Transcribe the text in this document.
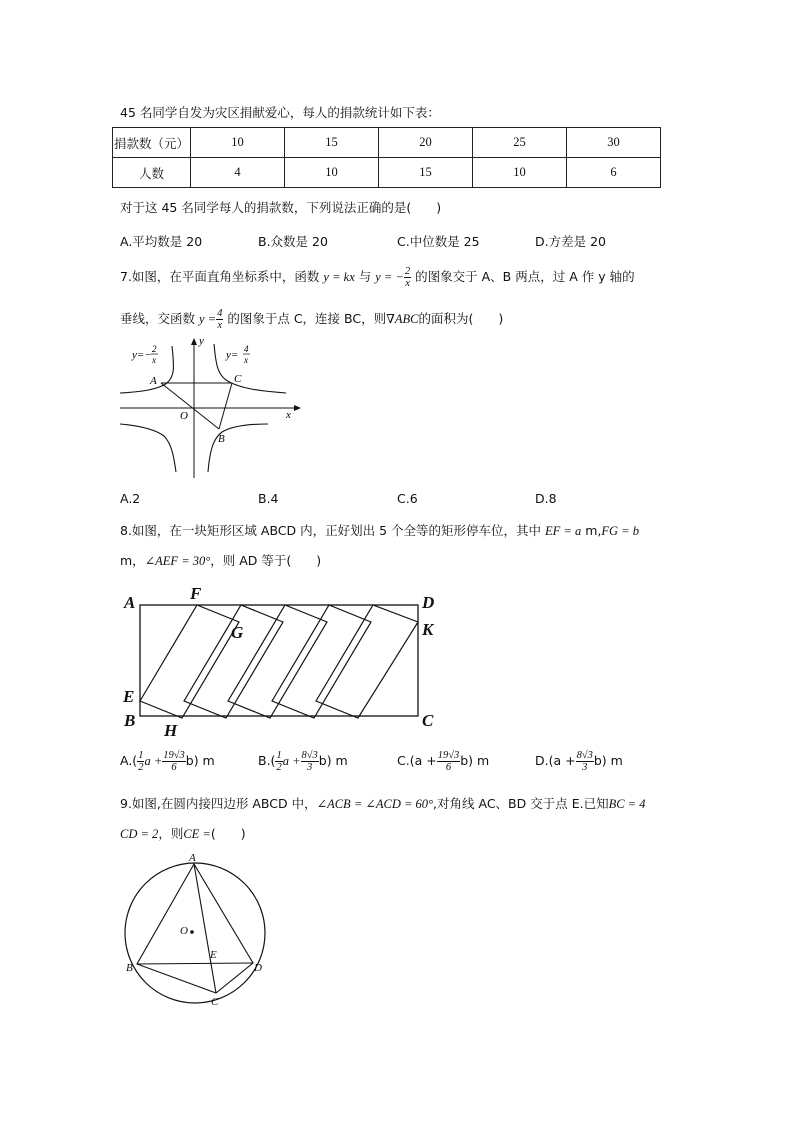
45 名同学自发为灾区捐献爱心，每人的捐款统计如下表：
捐款数（元）	10	15	20	25	30
人数	4	10	15	10	6
对于这 45 名同学每人的捐款数，下列说法正确的是(　　)
A.平均数是 20	B.众数是 20	C.中位数是 25	D.方差是 20
7.如图，在平面直角坐标系中，函数 y = kx 与 y = − $\frac{2}{x}$ 的图象交于 A、B 两点，过 A 作 y 轴的
垂线，交函数 $y = \frac{4}{x}$ 的图象于点 C，连接 BC，则∇ABC的面积为(　　)
y=− 2
x	y= 4
x
y
x
O
A	C
B
A.2	B.4	C.6	D.8
8.如图，在一块矩形区域 ABCD 内，正好划出 5 个全等的矩形停车位，其中 EF = a m,FG = b
m，∠AEF = 30°，则 AD 等于(　　)
A	F	D
G	K
E
B
H
C
$A.( \frac{1}{2}$ $a + \frac{19√3}{6} b$) m	$B.( \frac{1}{2}$ $a + \frac{8√3}{3} b$) m	$C.(a + \frac{19√3}{6} b)$ m	$D.(a + \frac{8√3}{3} b)$ m
9.如图,在圆内接四边形 ABCD 中，∠ACB = ∠ACD = 60°,对角线 AC、BD 交于点 E.已知BC = 4
CD = 2，则CE =(　　)
A
O
E
B	D
C
